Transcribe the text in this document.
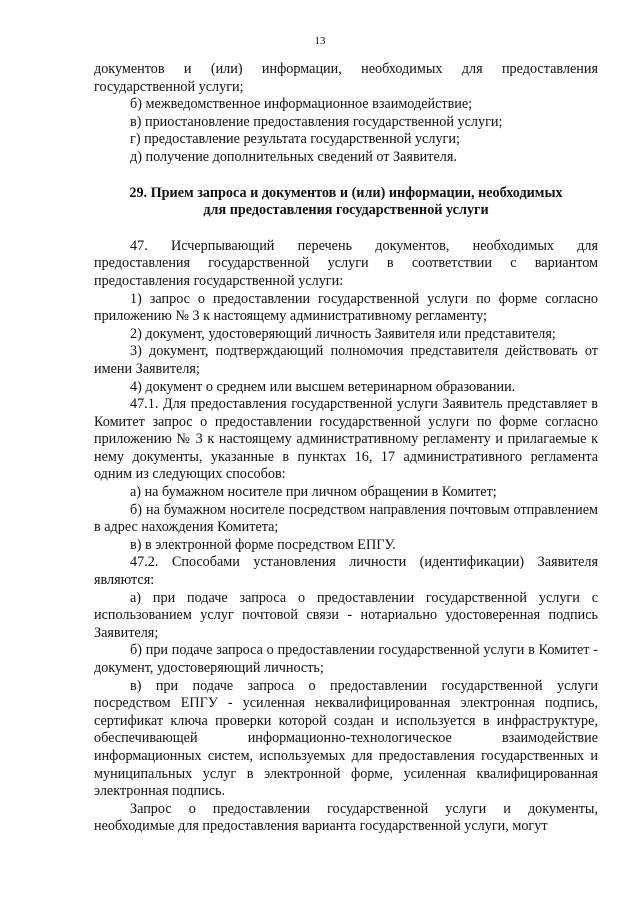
13

документов и (или) информации, необходимых для предоставления

государственной услуги;

б) межведомственное информационное взаимодействие;

в) приостановление предоставления государственной услуги;

г) предоставление результата государственной услуги;

д) получение дополнительных сведений от Заявителя.

29. Прием запроса и документов и (или) информации, необходимых

для предоставления государственной услуги

47. Исчерпывающий перечень документов, необходимых для предоставления государственной услуги в соответствии с вариантом предоставления государственной услуги:

1) запрос о предоставлении государственной услуги по форме согласно приложению № 3 к настоящему административному регламенту;

2) документ, удостоверяющий личность Заявителя или представителя;

3) документ, подтверждающий полномочия представителя действовать от имени Заявителя;

4) документ о среднем или высшем ветеринарном образовании.

47.1. Для предоставления государственной услуги Заявитель представляет в Комитет запрос о предоставлении государственной услуги по форме согласно приложению № 3 к настоящему административному регламенту и прилагаемые к нему документы, указанные в пунктах 16, 17 административного регламента одним из следующих способов:

а) на бумажном носителе при личном обращении в Комитет;

б) на бумажном носителе посредством направления почтовым отправлением в адрес нахождения Комитета;

в) в электронной форме посредством ЕПГУ.

47.2. Способами установления личности (идентификации) Заявителя являются:

а) при подаче запроса о предоставлении государственной услуги с использованием услуг почтовой связи - нотариально удостоверенная подпись Заявителя;

б) при подаче запроса о предоставлении государственной услуги в Комитет - документ, удостоверяющий личность;

в) при подаче запроса о предоставлении государственной услуги посредством ЕПГУ - усиленная неквалифицированная электронная подпись, сертификат ключа проверки которой создан и используется в инфраструктуре, обеспечивающей информационно-технологическое взаимодействие информационных систем, используемых для предоставления государственных и муниципальных услуг в электронной форме, усиленная квалифицированная электронная подпись.

Запрос о предоставлении государственной услуги и документы, необходимые для предоставления варианта государственной услуги, могут
